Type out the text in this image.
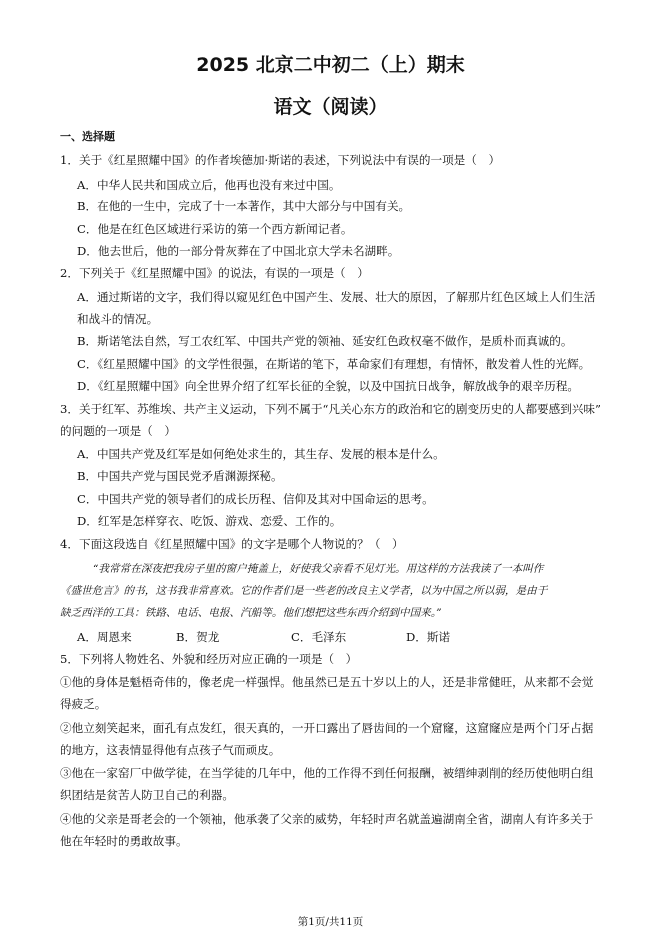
2025 北京二中初二（上）期末
语文（阅读）
一、选择题
1．关于《红星照耀中国》的作者埃德加·斯诺的表述，下列说法中有误的一项是（　）
A．中华人民共和国成立后，他再也没有来过中国。
B．在他的一生中，完成了十一本著作，其中大部分与中国有关。
C．他是在红色区域进行采访的第一个西方新闻记者。
D．他去世后，他的一部分骨灰葬在了中国北京大学未名湖畔。
2．下列关于《红星照耀中国》的说法，有误的一项是（　）
A．通过斯诺的文字，我们得以窥见红色中国产生、发展、壮大的原因，了解那片红色区域上人们生活
和战斗的情况。
B．斯诺笔法自然，写工农红军、中国共产党的领袖、延安红色政权毫不做作，是质朴而真诚的。
C．《红星照耀中国》的文学性很强，在斯诺的笔下，革命家们有理想，有情怀，散发着人性的光辉。
D．《红星照耀中国》向全世界介绍了红军长征的全貌，以及中国抗日战争，解放战争的艰辛历程。
3．关于红军、苏维埃、共产主义运动，下列不属于“凡关心东方的政治和它的剧变历史的人都要感到兴味”
的问题的一项是（　）
A．中国共产党及红军是如何绝处求生的，其生存、发展的根本是什么。
B．中国共产党与国民党矛盾渊源探秘。
C．中国共产党的领导者们的成长历程、信仰及其对中国命运的思考。
D．红军是怎样穿衣、吃饭、游戏、恋爱、工作的。
4．下面这段选自《红星照耀中国》的文字是哪个人物说的？（　）
“我常常在深夜把我房子里的窗户掩盖上，好使我父亲看不见灯光。用这样的方法我读了一本叫作
《盛世危言》的书，这书我非常喜欢。它的作者们是一些老的改良主义学者，以为中国之所以弱，是由于
缺乏西洋的工具：铁路、电话、电报、汽船等。他们想把这些东西介绍到中国来。”
A．周恩来	B．贺龙	C．毛泽东	D．斯诺
5．下列将人物姓名、外貌和经历对应正确的一项是（　）
①他的身体是魁梧奇伟的，像老虎一样强悍。他虽然已是五十岁以上的人，还是非常健旺，从来都不会觉
得疲乏。
②他立刻笑起来，面孔有点发红，很天真的，一开口露出了唇齿间的一个窟窿，这窟窿应是两个门牙占据
的地方，这表情显得他有点孩子气而顽皮。
③他在一家窑厂中做学徒，在当学徒的几年中，他的工作得不到任何报酬，被缙绅剥削的经历使他明白组
织团结是贫苦人防卫自己的利器。
④他的父亲是哥老会的一个领袖，他承袭了父亲的威势，年轻时声名就盖遍湖南全省，湖南人有许多关于
他在年轻时的勇敢故事。
第1页/共11页
